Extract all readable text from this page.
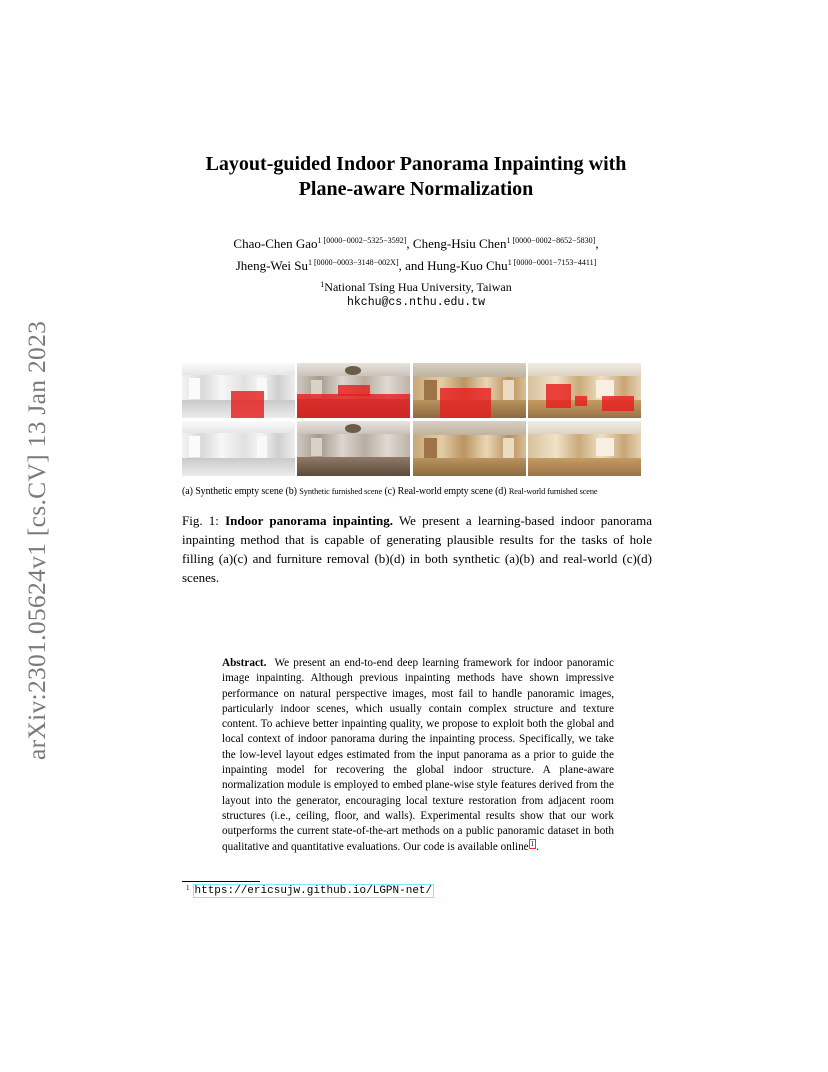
arXiv:2301.05624v1 [cs.CV] 13 Jan 2023
Layout-guided Indoor Panorama Inpainting with
Plane-aware Normalization
Chao-Chen Gao$^{1 [0000-0002-5325-3592]}$, Cheng-Hsiu Chen$^{1 [0000-0002-8652-5830]}$,
Jheng-Wei $Su^{1 [0000-0003-3148-002X]}$, and Hung-Kuo Chu$^{1 [0000-0001-7153-4411]}$
$^1$National Tsing Hua University, Taiwan
hkchu@cs.nthu.edu.tw
(a) Synthetic empty scene (b) Synthetic furnished scene (c) Real-world empty scene (d) Real-world furnished scene
Fig. 1: Indoor panorama inpainting. We present a learning-based indoor panorama inpainting method that is capable of generating plausible results for the tasks of hole filling (a)(c) and furniture removal (b)(d) in both synthetic (a)(b) and real-world (c)(d) scenes.
Abstract. We present an end-to-end deep learning framework for indoor panoramic image inpainting. Although previous inpainting methods have shown impressive performance on natural perspective images, most fail to handle panoramic images, particularly indoor scenes, which usually contain complex structure and texture content. To achieve better inpainting quality, we propose to exploit both the global and local context of indoor panorama during the inpainting process. Specifically, we take the low-level layout edges estimated from the input panorama as a prior to guide the inpainting model for recovering the global indoor structure. A plane-aware normalization module is employed to embed plane-wise style features derived from the layout into the generator, encouraging local texture restoration from adjacent room structures (i.e., ceiling, floor, and walls). Experimental results show that our work outperforms the current state-of-the-art methods on a public panoramic dataset in both qualitative and quantitative evaluations. Our code is available online $^1$ .
$^1$ https://ericsujw.github.io/LGPN-net/
